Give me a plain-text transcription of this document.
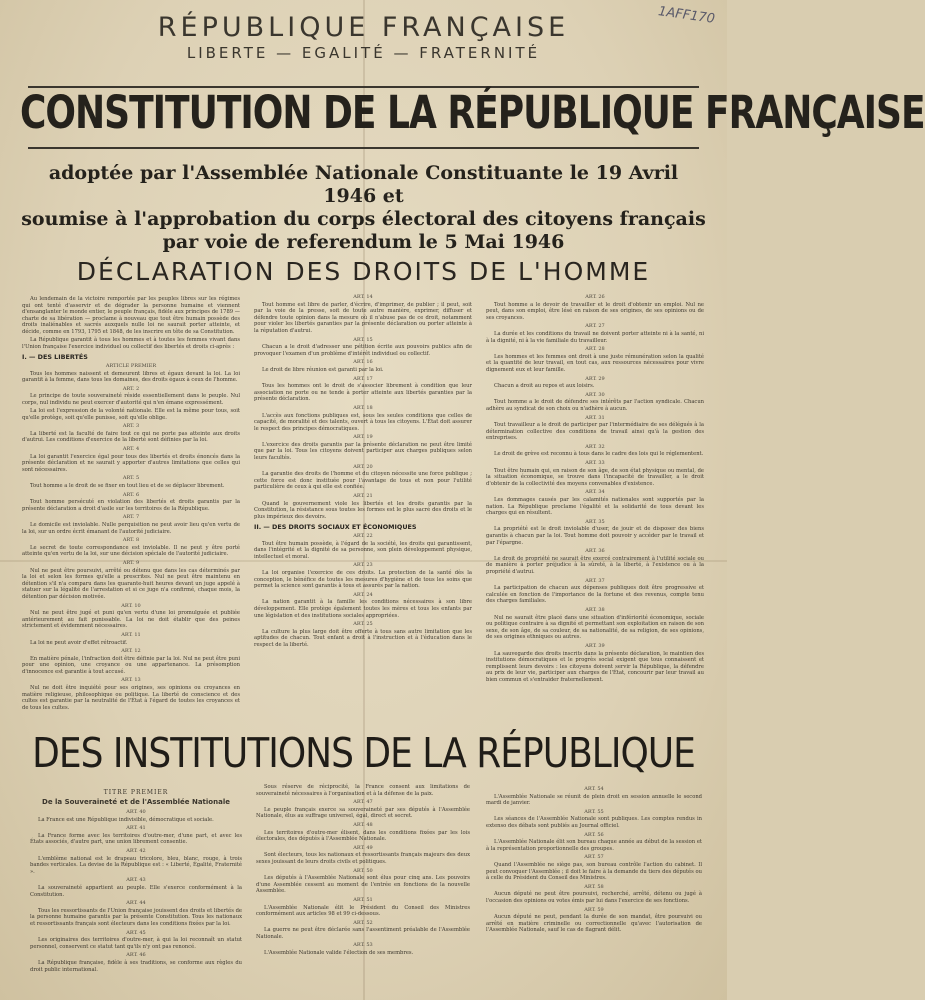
1AFF170
RÉPUBLIQUE FRANÇAISE
LIBERTE — EGALITÉ — FRATERNITÉ
CONSTITUTION DE LA RÉPUBLIQUE FRANÇAISE
adoptée par l'Assemblée Nationale Constituante le 19 Avril 1946 et
soumise à l'approbation du corps électoral des citoyens français
par voie de referendum le 5 Mai 1946
DÉCLARATION DES DROITS DE L'HOMME

Au lendemain de la victoire remportée par les peuples libres sur les régimes qui ont tenté d'asservir et de dégrader la personne humaine et viennent d'ensanglanter le monde entier, le peuple français, fidèle aux principes de 1789 — charte de sa libération — proclame à nouveau que tout être humain possède des droits inaliénables et sacrés auxquels nulle loi ne saurait porter atteinte, et décide, comme en 1793, 1795 et 1848, de les inscrire en tête de sa Constitution.

La République garantit à tous les hommes et à toutes les femmes vivant dans l'Union française l'exercice individuel ou collectif des libertés et droits ci-après :

I. — DES LIBERTÉS

ARTICLE PREMIER

Tous les hommes naissent et demeurent libres et égaux devant la loi. La loi garantit à la femme, dans tous les domaines, des droits égaux à ceux de l'homme.

ART. 2

Le principe de toute souveraineté réside essentiellement dans le peuple. Nul corps, nul individu ne peut exercer d'autorité qui n'en émane expressément.

La loi est l'expression de la volonté nationale. Elle est la même pour tous, soit qu'elle protège, soit qu'elle punisse, soit qu'elle oblige.

ART. 3

La liberté est la faculté de faire tout ce qui ne porte pas atteinte aux droits d'autrui. Les conditions d'exercice de la liberté sont définies par la loi.

ART. 4

La loi garantit l'exercice égal pour tous des libertés et droits énoncés dans la présente déclaration et ne saurait y apporter d'autres limitations que celles qui sont nécessaires.

ART. 5

Tout homme a le droit de se fixer en tout lieu et de se déplacer librement.

ART. 6

Tout homme persécuté en violation des libertés et droits garantis par la présente déclaration a droit d'asile sur les territoires de la République.

ART. 7

Le domicile est inviolable. Nulle perquisition ne peut avoir lieu qu'en vertu de la loi, sur un ordre écrit émanant de l'autorité judiciaire.

ART. 8

Le secret de toute correspondance est inviolable. Il ne peut y être porté atteinte qu'en vertu de la loi, sur une décision spéciale de l'autorité judiciaire.

ART. 9

Nul ne peut être poursuivi, arrêté ou détenu que dans les cas déterminés par la loi et selon les formes qu'elle a prescrites. Nul ne peut être maintenu en détention s'il n'a comparu dans les quarante-huit heures devant un juge appelé à statuer sur la légalité de l'arrestation et si ce juge n'a confirmé, chaque mois, la détention par décision motivée.

ART. 10

Nul ne peut être jugé et puni qu'en vertu d'une loi promulguée et publiée antérieurement au fait punissable. La loi ne doit établir que des peines strictement et évidemment nécessaires.

ART. 11

La loi ne peut avoir d'effet rétroactif.

ART. 12

En matière pénale, l'infraction doit être définie par la loi. Nul ne peut être puni pour une opinion, une croyance ou une appartenance. La présomption d'innocence est garantie à tout accusé.

ART. 13

Nul ne doit être inquiété pour ses origines, ses opinions ou croyances en matière religieuse, philosophique ou politique. La liberté de conscience et des cultes est garantie par la neutralité de l'État à l'égard de toutes les croyances et de tous les cultes.

ART. 14

Tout homme est libre de parler, d'écrire, d'imprimer, de publier ; il peut, soit par la voie de la presse, soit de toute autre manière, exprimer, diffuser et défendre toute opinion dans la mesure où il n'abuse pas de ce droit, notamment pour violer les libertés garanties par la présente déclaration ou porter atteinte à la réputation d'autrui.

ART. 15

Chacun a le droit d'adresser une pétition écrite aux pouvoirs publics afin de provoquer l'examen d'un problème d'intérêt individuel ou collectif.

ART. 16

Le droit de libre réunion est garanti par la loi.

ART. 17

Tous les hommes ont le droit de s'associer librement à condition que leur association ne porte ou ne tende à porter atteinte aux libertés garanties par la présente déclaration.

ART. 18

L'accès aux fonctions publiques est, sous les seules conditions que celles de capacité, de moralité et des talents, ouvert à tous les citoyens. L'État doit assurer le respect des principes démocratiques.

ART. 19

L'exercice des droits garantis par la présente déclaration ne peut être limité que par la loi. Tous les citoyens doivent participer aux charges publiques selon leurs facultés.

ART. 20

La garantie des droits de l'homme et du citoyen nécessite une force publique ; cette force est donc instituée pour l'avantage de tous et non pour l'utilité particulière de ceux à qui elle est confiée.

ART. 21

Quand le gouvernement viole les libertés et les droits garantis par la Constitution, la résistance sous toutes les formes est le plus sacré des droits et le plus impérieux des devoirs.

II. — DES DROITS SOCIAUX ET ÉCONOMIQUES

ART. 22

Tout être humain possède, à l'égard de la société, les droits qui garantissent, dans l'intégrité et la dignité de sa personne, son plein développement physique, intellectuel et moral.

ART. 23

La loi organise l'exercice de ces droits. La protection de la santé dès la conception, le bénéfice de toutes les mesures d'hygiène et de tous les soins que permet la science sont garantis à tous et assurés par la nation.

ART. 24

La nation garantit à la famille les conditions nécessaires à son libre développement. Elle protège également toutes les mères et tous les enfants par une législation et des institutions sociales appropriées.

ART. 25

La culture la plus large doit être offerte à tous sans autre limitation que les aptitudes de chacun. Tout enfant a droit à l'instruction et à l'éducation dans le respect de la liberté.

ART. 26

Tout homme a le devoir de travailler et le droit d'obtenir un emploi. Nul ne peut, dans son emploi, être lésé en raison de ses origines, de ses opinions ou de ses croyances.

ART. 27

La durée et les conditions du travail ne doivent porter atteinte ni à la santé, ni à la dignité, ni à la vie familiale du travailleur.

ART. 28

Les hommes et les femmes ont droit à une juste rémunération selon la qualité et la quantité de leur travail, en tout cas, aux ressources nécessaires pour vivre dignement eux et leur famille.

ART. 29

Chacun a droit au repos et aux loisirs.

ART. 30

Tout homme a le droit de défendre ses intérêts par l'action syndicale. Chacun adhère au syndicat de son choix ou n'adhère à aucun.

ART. 31

Tout travailleur a le droit de participer par l'intermédiaire de ses délégués à la détermination collective des conditions de travail ainsi qu'à la gestion des entreprises.

ART. 32

Le droit de grève est reconnu à tous dans le cadre des lois qui le réglementent.

ART. 33

Tout être humain qui, en raison de son âge, de son état physique ou mental, de la situation économique, se trouve dans l'incapacité de travailler, a le droit d'obtenir de la collectivité des moyens convenables d'existence.

ART. 34

Les dommages causés par les calamités nationales sont supportés par la nation. La République proclame l'égalité et la solidarité de tous devant les charges qui en résultent.

ART. 35

La propriété est le droit inviolable d'user, de jouir et de disposer des biens garantis à chacun par la loi. Tout homme doit pouvoir y accéder par le travail et par l'épargne.

ART. 36

Le droit de propriété ne saurait être exercé contrairement à l'utilité sociale ou de manière à porter préjudice à la sûreté, à la liberté, à l'existence ou à la propriété d'autrui.

ART. 37

La participation de chacun aux dépenses publiques doit être progressive et calculée en fonction de l'importance de la fortune et des revenus, compte tenu des charges familiales.

ART. 38

Nul ne saurait être placé dans une situation d'infériorité économique, sociale ou politique contraire à sa dignité et permettant son exploitation en raison de son sexe, de son âge, de sa couleur, de sa nationalité, de sa religion, de ses opinions, de ses origines ethniques ou autres.

ART. 39

La sauvegarde des droits inscrits dans la présente déclaration, le maintien des institutions démocratiques et le progrès social exigent que tous connaissent et remplissent leurs devoirs : les citoyens doivent servir la République, la défendre au prix de leur vie, participer aux charges de l'État, concourir par leur travail au bien commun et s'entraider fraternellement.

DES INSTITUTIONS DE LA RÉPUBLIQUE

TITRE PREMIER

De la Souveraineté et de l'Assemblée Nationale

ART. 40

La France est une République indivisible, démocratique et sociale.

ART. 41

La France forme avec les territoires d'outre-mer, d'une part, et avec les États associés, d'autre part, une union librement consentie.

ART. 42

L'emblème national est le drapeau tricolore, bleu, blanc, rouge, à trois bandes verticales. La devise de la République est : « Liberté, Égalité, Fraternité ».

ART. 43

La souveraineté appartient au peuple. Elle s'exerce conformément à la Constitution.

ART. 44

Tous les ressortissants de l'Union française jouissent des droits et libertés de la personne humaine garantis par la présente Constitution. Tous les nationaux et ressortissants français sont électeurs dans les conditions fixées par la loi.

ART. 45

Les originaires des territoires d'outre-mer, à qui la loi reconnaît un statut personnel, conservent ce statut tant qu'ils n'y ont pas renoncé.

ART. 46

La République française, fidèle à ses traditions, se conforme aux règles du droit public international.

Sous réserve de réciprocité, la France consent aux limitations de souveraineté nécessaires à l'organisation et à la défense de la paix.

ART. 47

Le peuple français exerce sa souveraineté par ses députés à l'Assemblée Nationale, élus au suffrage universel, égal, direct et secret.

ART. 48

Les territoires d'outre-mer élisent, dans les conditions fixées par les lois électorales, des députés à l'Assemblée Nationale.

ART. 49

Sont électeurs, tous les nationaux et ressortissants français majeurs des deux sexes jouissant de leurs droits civils et politiques.

ART. 50

Les députés à l'Assemblée Nationale sont élus pour cinq ans. Les pouvoirs d'une Assemblée cessent au moment de l'entrée en fonctions de la nouvelle Assemblée.

ART. 51

L'Assemblée Nationale élit le Président du Conseil des Ministres conformément aux articles 98 et 99 ci-dessous.

ART. 52

La guerre ne peut être déclarée sans l'assentiment préalable de l'Assemblée Nationale.

ART. 53

L'Assemblée Nationale valide l'élection de ses membres.

ART. 54

L'Assemblée Nationale se réunit de plein droit en session annuelle le second mardi de janvier.

ART. 55

Les séances de l'Assemblée Nationale sont publiques. Les comptes rendus in extenso des débats sont publiés au Journal officiel.

ART. 56

L'Assemblée Nationale élit son bureau chaque année au début de la session et à la représentation proportionnelle des groupes.

ART. 57

Quand l'Assemblée ne siège pas, son bureau contrôle l'action du cabinet. Il peut convoquer l'Assemblée ; il doit le faire à la demande du tiers des députés ou à celle du Président du Conseil des Ministres.

ART. 58

Aucun député ne peut être poursuivi, recherché, arrêté, détenu ou jugé à l'occasion des opinions ou votes émis par lui dans l'exercice de ses fonctions.

ART. 59

Aucun député ne peut, pendant la durée de son mandat, être poursuivi ou arrêté en matière criminelle ou correctionnelle qu'avec l'autorisation de l'Assemblée Nationale, sauf le cas de flagrant délit.
